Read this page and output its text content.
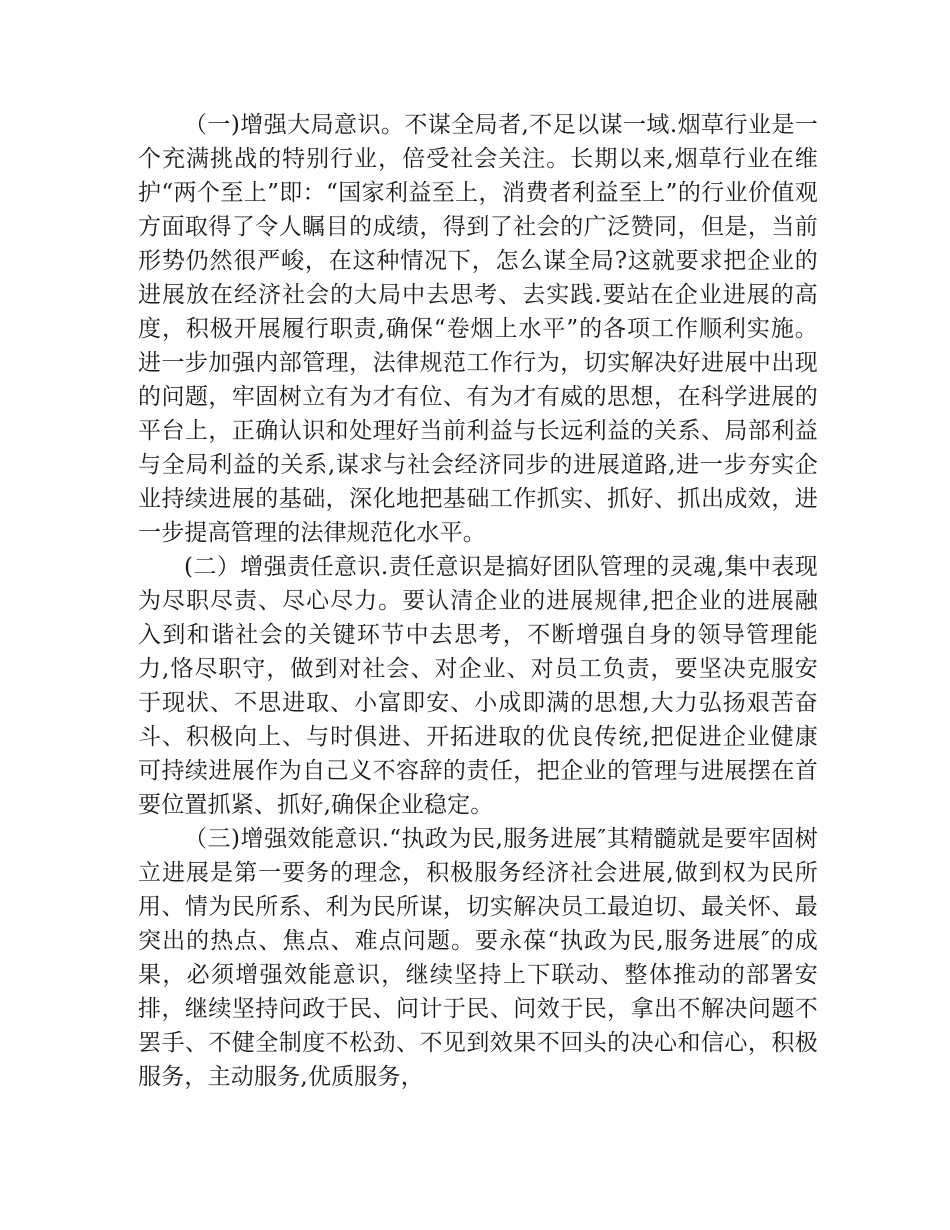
（一)增强大局意识。不谋全局者,不足以谋一域.烟草行业是一个充满挑战的特别行业，倍受社会关注。长期以来,烟草行业在维护“两个至上”即：“国家利益至上，消费者利益至上”的行业价值观方面取得了令人瞩目的成绩，得到了社会的广泛赞同，但是，当前形势仍然很严峻，在这种情况下，怎么谋全局?这就要求把企业的进展放在经济社会的大局中去思考、去实践.要站在企业进展的高度，积极开展履行职责,确保“卷烟上水平”的各项工作顺利实施。进一步加强内部管理，法律规范工作行为，切实解决好进展中出现的问题，牢固树立有为才有位、有为才有威的思想，在科学进展的平台上，正确认识和处理好当前利益与长远利益的关系、局部利益与全局利益的关系,谋求与社会经济同步的进展道路,进一步夯实企业持续进展的基础，深化地把基础工作抓实、抓好、抓出成效，进一步提高管理的法律规范化水平。

(二）增强责任意识.责任意识是搞好团队管理的灵魂,集中表现为尽职尽责、尽心尽力。要认清企业的进展规律,把企业的进展融入到和谐社会的关键环节中去思考，不断增强自身的领导管理能力,恪尽职守，做到对社会、对企业、对员工负责，要坚决克服安于现状、不思进取、小富即安、小成即满的思想,大力弘扬艰苦奋斗、积极向上、与时俱进、开拓进取的优良传统,把促进企业健康可持续进展作为自己义不容辞的责任，把企业的管理与进展摆在首要位置抓紧、抓好,确保企业稳定。

（三)增强效能意识.“执政为民,服务进展″其精髓就是要牢固树立进展是第一要务的理念，积极服务经济社会进展,做到权为民所用、情为民所系、利为民所谋，切实解决员工最迫切、最关怀、最突出的热点、焦点、难点问题。要永葆“执政为民,服务进展″的成果，必须增强效能意识，继续坚持上下联动、整体推动的部署安排，继续坚持问政于民、问计于民、问效于民，拿出不解决问题不罢手、不健全制度不松劲、不见到效果不回头的决心和信心，积极服务，主动服务,优质服务，
